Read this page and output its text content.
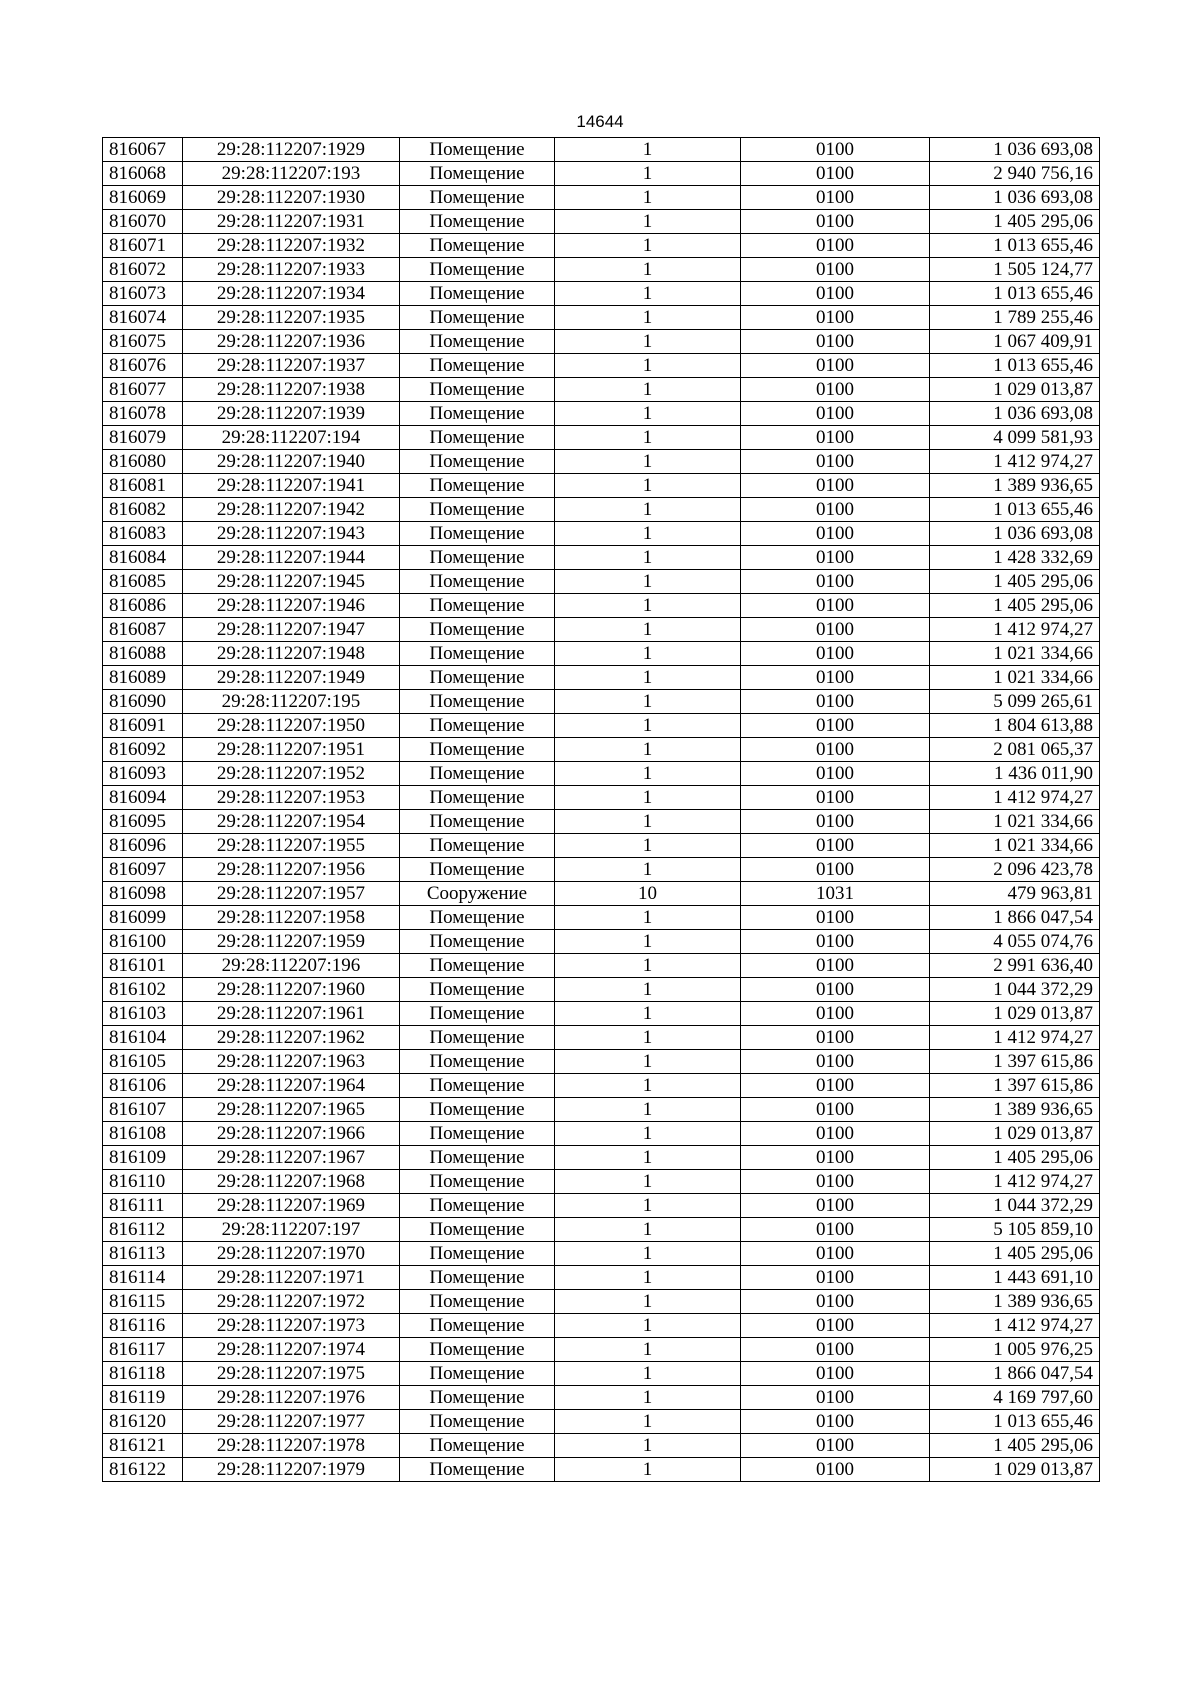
14644
816067	29:28:112207:1929	Помещение	1	0100	1 036 693,08
816068	29:28:112207:193	Помещение	1	0100	2 940 756,16
816069	29:28:112207:1930	Помещение	1	0100	1 036 693,08
816070	29:28:112207:1931	Помещение	1	0100	1 405 295,06
816071	29:28:112207:1932	Помещение	1	0100	1 013 655,46
816072	29:28:112207:1933	Помещение	1	0100	1 505 124,77
816073	29:28:112207:1934	Помещение	1	0100	1 013 655,46
816074	29:28:112207:1935	Помещение	1	0100	1 789 255,46
816075	29:28:112207:1936	Помещение	1	0100	1 067 409,91
816076	29:28:112207:1937	Помещение	1	0100	1 013 655,46
816077	29:28:112207:1938	Помещение	1	0100	1 029 013,87
816078	29:28:112207:1939	Помещение	1	0100	1 036 693,08
816079	29:28:112207:194	Помещение	1	0100	4 099 581,93
816080	29:28:112207:1940	Помещение	1	0100	1 412 974,27
816081	29:28:112207:1941	Помещение	1	0100	1 389 936,65
816082	29:28:112207:1942	Помещение	1	0100	1 013 655,46
816083	29:28:112207:1943	Помещение	1	0100	1 036 693,08
816084	29:28:112207:1944	Помещение	1	0100	1 428 332,69
816085	29:28:112207:1945	Помещение	1	0100	1 405 295,06
816086	29:28:112207:1946	Помещение	1	0100	1 405 295,06
816087	29:28:112207:1947	Помещение	1	0100	1 412 974,27
816088	29:28:112207:1948	Помещение	1	0100	1 021 334,66
816089	29:28:112207:1949	Помещение	1	0100	1 021 334,66
816090	29:28:112207:195	Помещение	1	0100	5 099 265,61
816091	29:28:112207:1950	Помещение	1	0100	1 804 613,88
816092	29:28:112207:1951	Помещение	1	0100	2 081 065,37
816093	29:28:112207:1952	Помещение	1	0100	1 436 011,90
816094	29:28:112207:1953	Помещение	1	0100	1 412 974,27
816095	29:28:112207:1954	Помещение	1	0100	1 021 334,66
816096	29:28:112207:1955	Помещение	1	0100	1 021 334,66
816097	29:28:112207:1956	Помещение	1	0100	2 096 423,78
816098	29:28:112207:1957	Сооружение	10	1031	479 963,81
816099	29:28:112207:1958	Помещение	1	0100	1 866 047,54
816100	29:28:112207:1959	Помещение	1	0100	4 055 074,76
816101	29:28:112207:196	Помещение	1	0100	2 991 636,40
816102	29:28:112207:1960	Помещение	1	0100	1 044 372,29
816103	29:28:112207:1961	Помещение	1	0100	1 029 013,87
816104	29:28:112207:1962	Помещение	1	0100	1 412 974,27
816105	29:28:112207:1963	Помещение	1	0100	1 397 615,86
816106	29:28:112207:1964	Помещение	1	0100	1 397 615,86
816107	29:28:112207:1965	Помещение	1	0100	1 389 936,65
816108	29:28:112207:1966	Помещение	1	0100	1 029 013,87
816109	29:28:112207:1967	Помещение	1	0100	1 405 295,06
816110	29:28:112207:1968	Помещение	1	0100	1 412 974,27
816111	29:28:112207:1969	Помещение	1	0100	1 044 372,29
816112	29:28:112207:197	Помещение	1	0100	5 105 859,10
816113	29:28:112207:1970	Помещение	1	0100	1 405 295,06
816114	29:28:112207:1971	Помещение	1	0100	1 443 691,10
816115	29:28:112207:1972	Помещение	1	0100	1 389 936,65
816116	29:28:112207:1973	Помещение	1	0100	1 412 974,27
816117	29:28:112207:1974	Помещение	1	0100	1 005 976,25
816118	29:28:112207:1975	Помещение	1	0100	1 866 047,54
816119	29:28:112207:1976	Помещение	1	0100	4 169 797,60
816120	29:28:112207:1977	Помещение	1	0100	1 013 655,46
816121	29:28:112207:1978	Помещение	1	0100	1 405 295,06
816122	29:28:112207:1979	Помещение	1	0100	1 029 013,87
